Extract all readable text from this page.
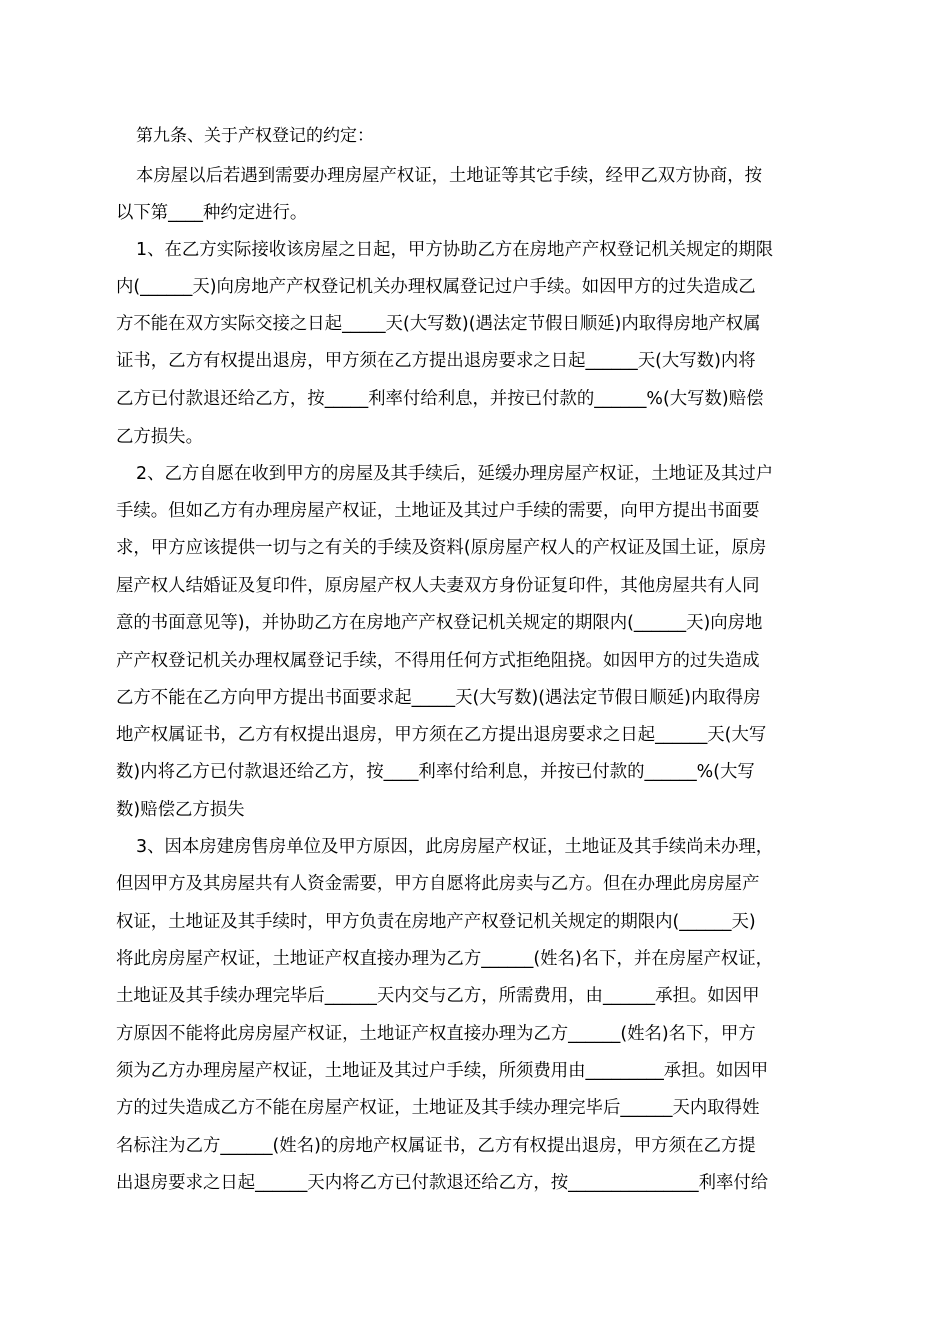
第九条、关于产权登记的约定：
本房屋以后若遇到需要办理房屋产权证，土地证等其它手续，经甲乙双方协商，按
以下第____种约定进行。
1、在乙方实际接收该房屋之日起，甲方协助乙方在房地产产权登记机关规定的期限
内(______天)向房地产产权登记机关办理权属登记过户手续。如因甲方的过失造成乙
方不能在双方实际交接之日起_____天(大写数)(遇法定节假日顺延)内取得房地产权属
证书，乙方有权提出退房，甲方须在乙方提出退房要求之日起______天(大写数)内将
乙方已付款退还给乙方，按_____利率付给利息，并按已付款的______%(大写数)赔偿
乙方损失。
2、乙方自愿在收到甲方的房屋及其手续后，延缓办理房屋产权证，土地证及其过户
手续。但如乙方有办理房屋产权证，土地证及其过户手续的需要，向甲方提出书面要
求，甲方应该提供一切与之有关的手续及资料(原房屋产权人的产权证及国土证，原房
屋产权人结婚证及复印件，原房屋产权人夫妻双方身份证复印件，其他房屋共有人同
意的书面意见等)，并协助乙方在房地产产权登记机关规定的期限内(______天)向房地
产产权登记机关办理权属登记手续，不得用任何方式拒绝阻挠。如因甲方的过失造成
乙方不能在乙方向甲方提出书面要求起_____天(大写数)(遇法定节假日顺延)内取得房
地产权属证书，乙方有权提出退房，甲方须在乙方提出退房要求之日起______天(大写
数)内将乙方已付款退还给乙方，按____利率付给利息，并按已付款的______%(大写
数)赔偿乙方损失
3、因本房建房售房单位及甲方原因，此房房屋产权证，土地证及其手续尚未办理，
但因甲方及其房屋共有人资金需要，甲方自愿将此房卖与乙方。但在办理此房房屋产
权证，土地证及其手续时，甲方负责在房地产产权登记机关规定的期限内(______天)
将此房房屋产权证，土地证产权直接办理为乙方______(姓名)名下，并在房屋产权证，
土地证及其手续办理完毕后______天内交与乙方，所需费用，由______承担。如因甲
方原因不能将此房房屋产权证，土地证产权直接办理为乙方______(姓名)名下，甲方
须为乙方办理房屋产权证，土地证及其过户手续，所须费用由_________承担。如因甲
方的过失造成乙方不能在房屋产权证，土地证及其手续办理完毕后______天内取得姓
名标注为乙方______(姓名)的房地产权属证书，乙方有权提出退房，甲方须在乙方提
出退房要求之日起______天内将乙方已付款退还给乙方，按_______________利率付给
